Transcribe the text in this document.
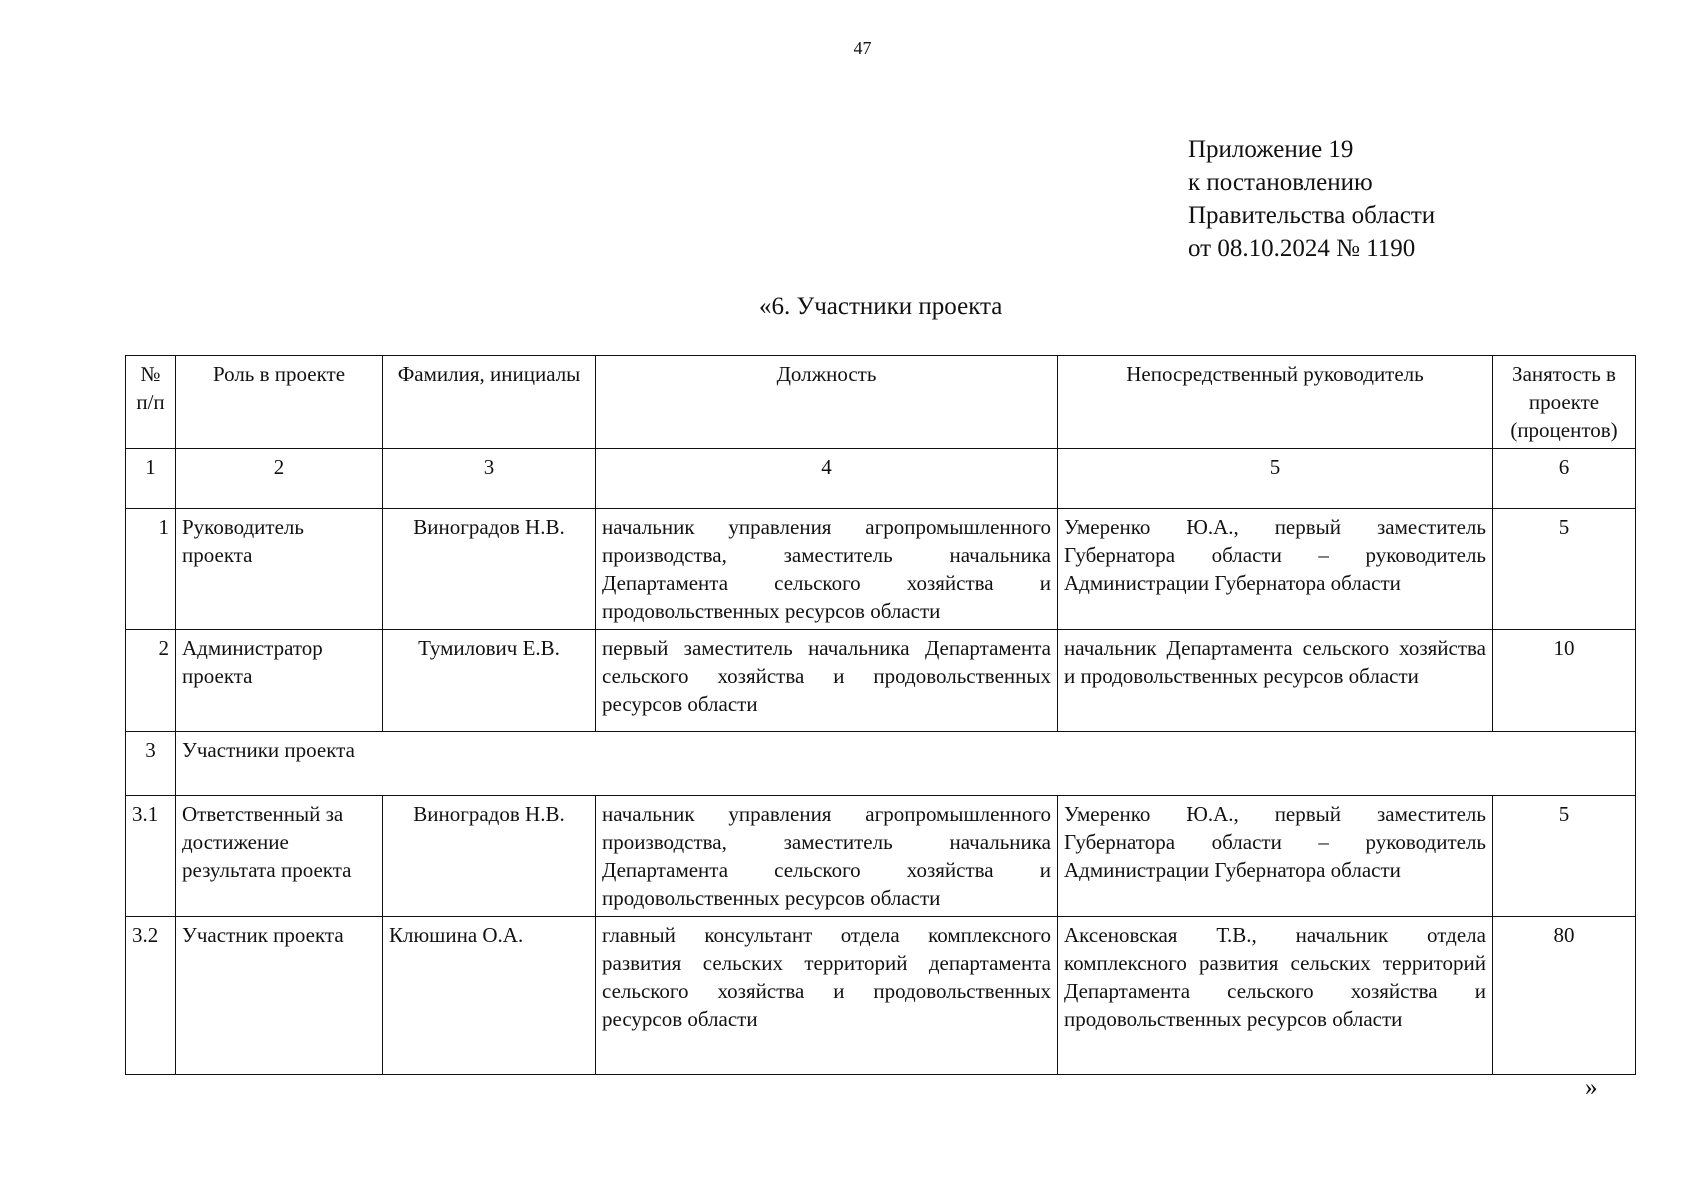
47
Приложение 19
к постановлению
Правительства области
от 08.10.2024 № 1190
«6. Участники проекта
№ п/п	Роль в проекте	Фамилия, инициалы	Должность	Непосредственный руководитель	Занятость в проекте (процентов)
1	2	3	4	5	6
1	Руководитель проекта	Виноградов Н.В.	начальник управления агропромышленного производства, заместитель начальника Департамента сельского хозяйства и продовольственных ресурсов области	Умеренко Ю.А., первый заместитель Губернатора области – руководитель Администрации Губернатора области	5
2	Администратор проекта	Тумилович Е.В.	первый заместитель начальника Департамента сельского хозяйства и продовольственных ресурсов области	начальник Департамента сельского хозяйства и продовольственных ресурсов области	10
3	Участники проекта				

3.1	Ответственный за достижение результата проекта	Виноградов Н.В.	начальник управления агропромышленного производства, заместитель начальника Департамента сельского хозяйства и продовольственных ресурсов области	Умеренко Ю.А., первый заместитель Губернатора области – руководитель Администрации Губернатора области	5
3.2	Участник проекта	Клюшина О.А.	главный консультант отдела комплексного развития сельских территорий департамента сельского хозяйства и продовольственных ресурсов области	Аксеновская Т.В., начальник отдела комплексного развития сельских территорий Департамента сельского хозяйства и продовольственных ресурсов области	80
»
